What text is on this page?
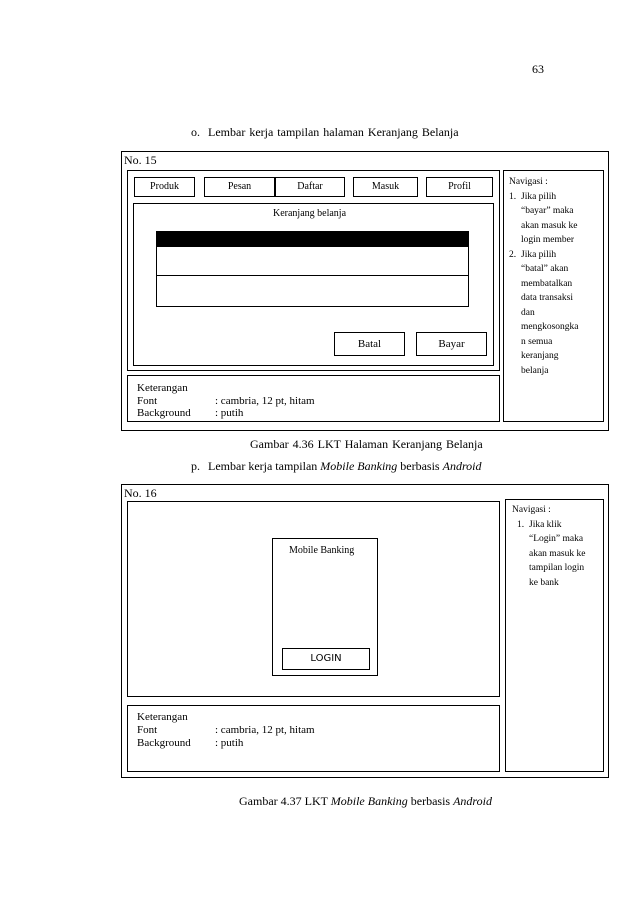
63
o. Lembar kerja tampilan halaman Keranjang Belanja
No. 15
Produk	Pesan	Daftar	Masuk	Profil
Keranjang belanja
Batal	Bayar
Keterangan
Font	: cambria, 12 pt, hitam
Background : putih
Navigasi :
1. Jika pilih
“bayar” maka
akan masuk ke
login member
2. Jika pilih
“batal” akan
membatalkan
data transaksi
dan
mengkosongka
n semua
keranjang
belanja
Gambar 4.36 LKT Halaman Keranjang Belanja
p. Lembar kerja tampilan Mobile Banking berbasis Android
No. 16
Mobile Banking
LOGIN
Keterangan
Font	: cambria, 12 pt, hitam
Background : putih
Navigasi :
1. Jika klik
“Login” maka
akan masuk ke
tampilan login
ke bank
Gambar 4.37 LKT Mobile Banking berbasis Android
